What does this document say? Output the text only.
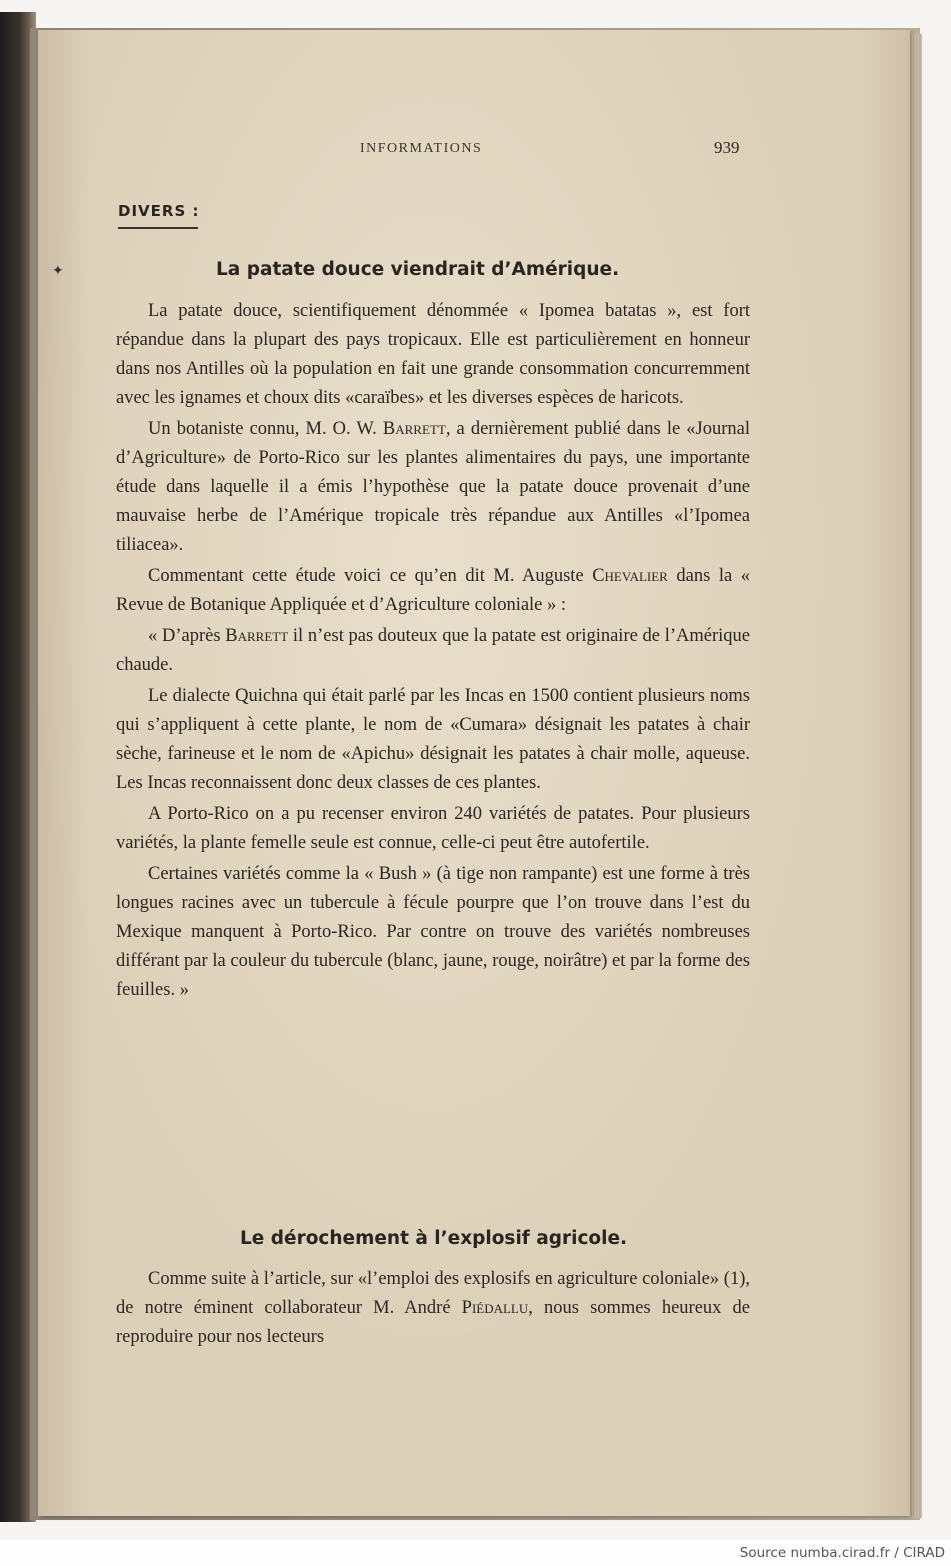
INFORMATIONS	939
DIVERS :
✦	La patate douce viendrait d’Amérique.

La patate douce, scientifiquement dénommée « Ipomea batatas », est fort répandue dans la plupart des pays tropicaux. Elle est particulièrement en honneur dans nos Antilles où la population en fait une grande consommation concurremment avec les ignames et choux dits «caraïbes» et les diverses espèces de haricots.

Un botaniste connu, M. O. W. Barrett, a dernièrement publié dans le «Journal d’Agriculture» de Porto-Rico sur les plantes alimentaires du pays, une importante étude dans laquelle il a émis l’hypothèse que la patate douce provenait d’une mauvaise herbe de l’Amérique tropicale très répandue aux Antilles «l’Ipomea tiliacea».

Commentant cette étude voici ce qu’en dit M. Auguste Chevalier dans la « Revue de Botanique Appliquée et d’Agriculture coloniale » :

« D’après Barrett il n’est pas douteux que la patate est originaire de l’Amérique chaude.

Le dialecte Quichna qui était parlé par les Incas en 1500 contient plusieurs noms qui s’appliquent à cette plante, le nom de «Cumara» désignait les patates à chair sèche, farineuse et le nom de «Apichu» désignait les patates à chair molle, aqueuse. Les Incas reconnaissent donc deux classes de ces plantes.

A Porto-Rico on a pu recenser environ 240 variétés de patates. Pour plusieurs variétés, la plante femelle seule est connue, celle-ci peut être autofertile.

Certaines variétés comme la « Bush » (à tige non rampante) est une forme à très longues racines avec un tubercule à fécule pourpre que l’on trouve dans l’est du Mexique manquent à Porto-Rico. Par contre on trouve des variétés nombreuses différant par la couleur du tubercule (blanc, jaune, rouge, noirâtre) et par la forme des feuilles. »

Le dérochement à l’explosif agricole.

Comme suite à l’article, sur «l’emploi des explosifs en agriculture coloniale» (1), de notre éminent collaborateur M. André Piédallu, nous sommes heureux de reproduire pour nos lecteurs

Source numba.cirad.fr / CIRAD
